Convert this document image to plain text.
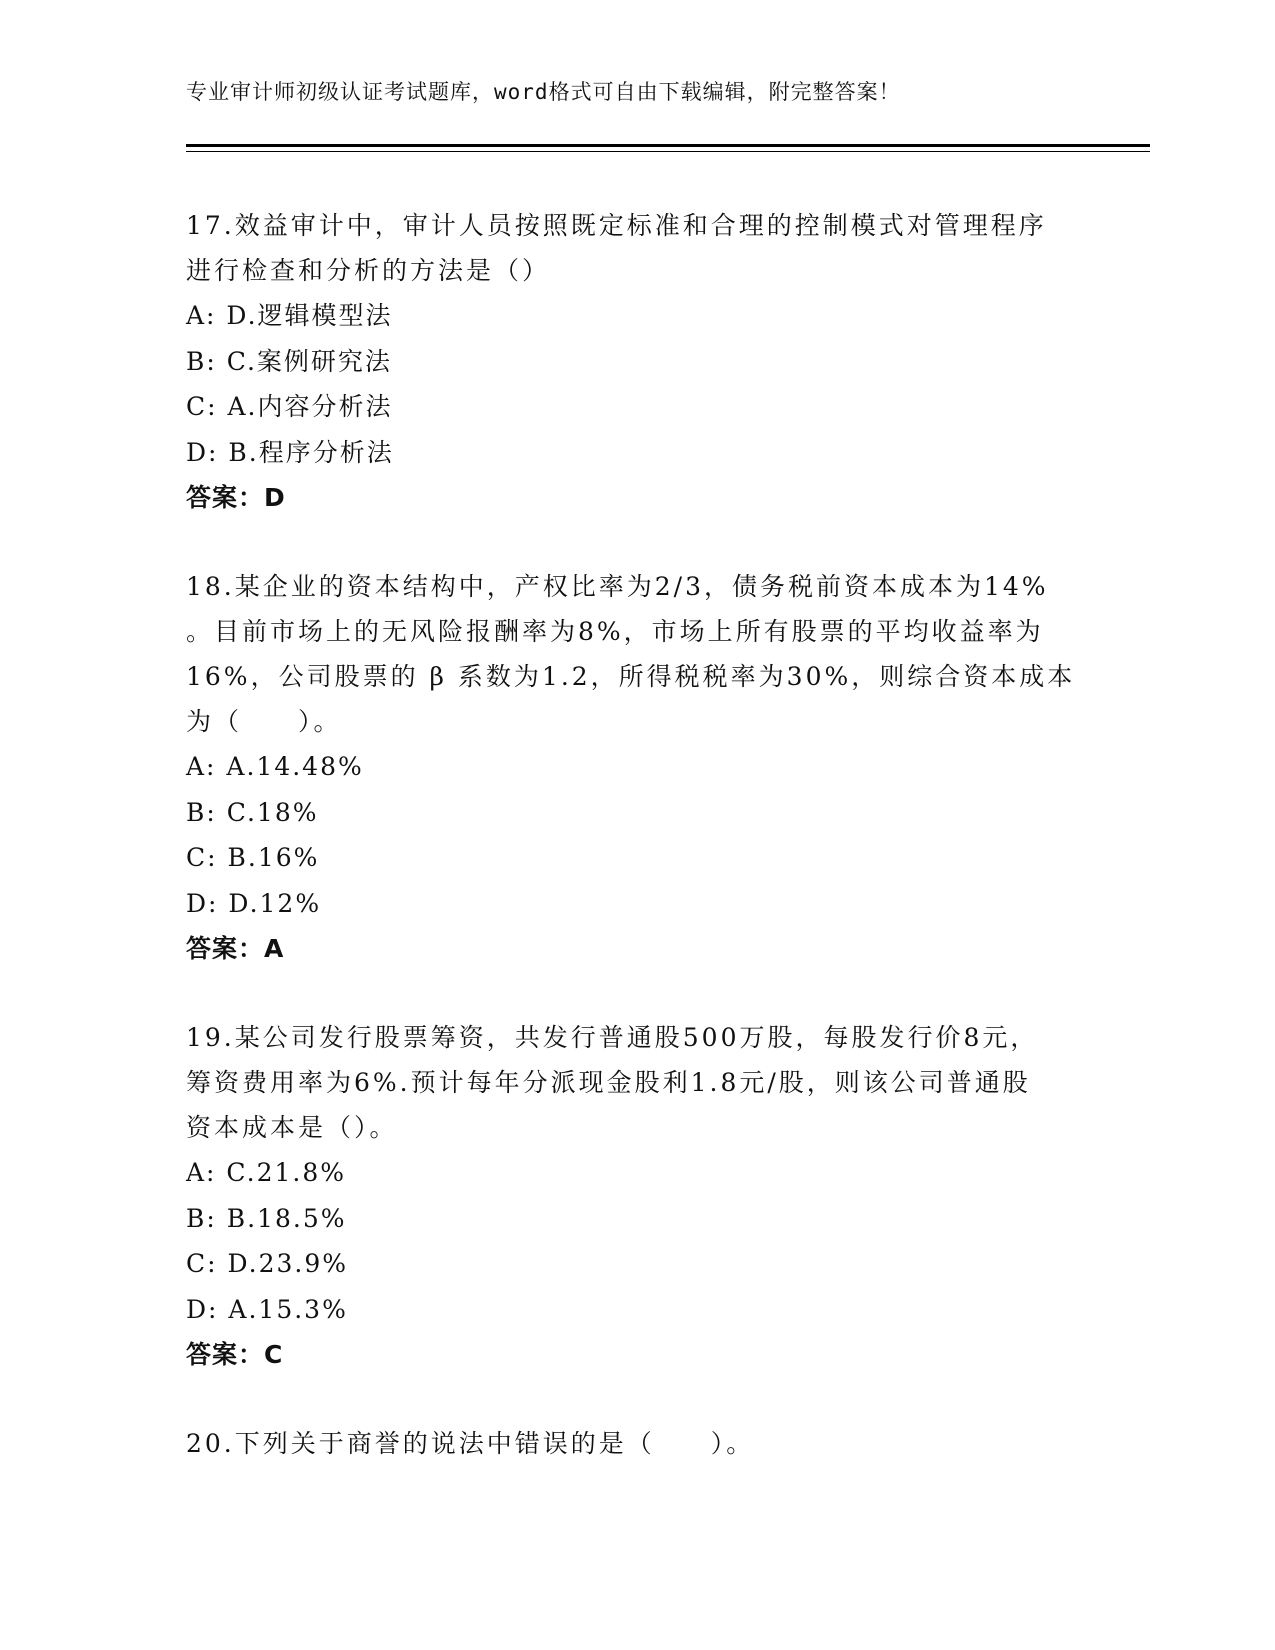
专业审计师初级认证考试题库，word格式可自由下载编辑，附完整答案！
17.效益审计中，审计人员按照既定标准和合理的控制模式对管理程序
进行检查和分析的方法是（）
A: D.逻辑模型法
B: C.案例研究法
C: A.内容分析法
D: B.程序分析法
答案：D
18.某企业的资本结构中，产权比率为2/3，债务税前资本成本为14%
。目前市场上的无风险报酬率为8%，市场上所有股票的平均收益率为
16%，公司股票的 β 系数为1.2，所得税税率为30%，则综合资本成本
为（　　）。
A: A.14.48%
B: C.18%
C: B.16%
D: D.12%
答案：A
19.某公司发行股票筹资，共发行普通股500万股，每股发行价8元，
筹资费用率为6%.预计每年分派现金股利1.8元/股，则该公司普通股
资本成本是（）。
A: C.21.8%
B: B.18.5%
C: D.23.9%
D: A.15.3%
答案：C
20.下列关于商誉的说法中错误的是（　　）。
